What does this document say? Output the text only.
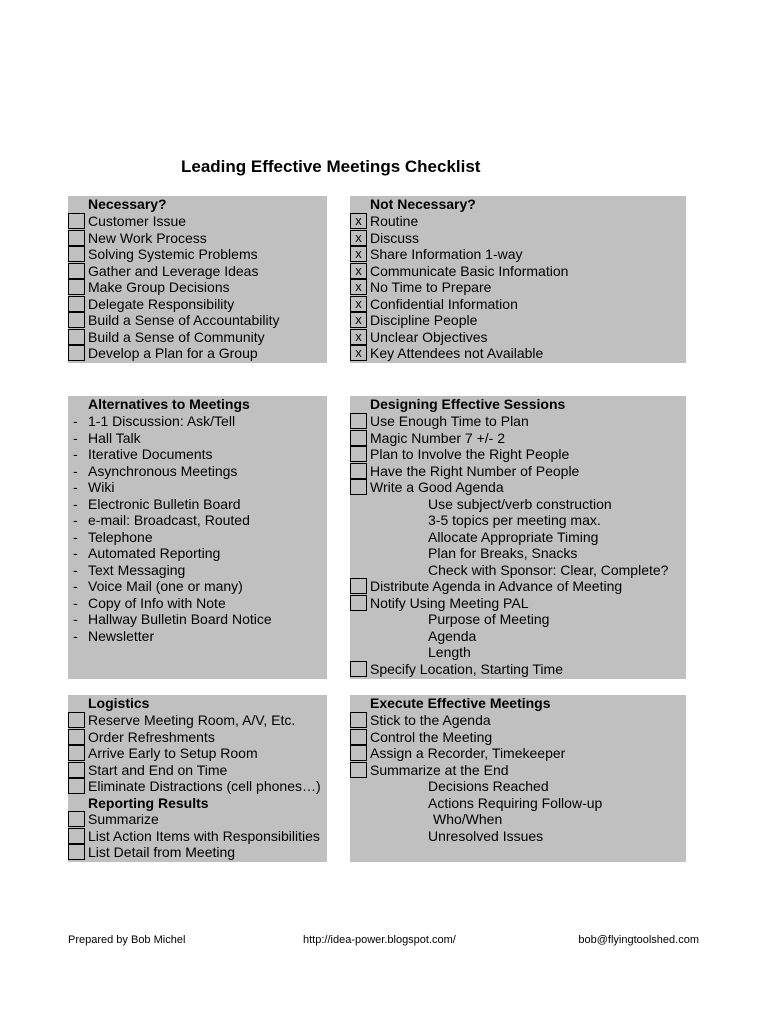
Leading Effective Meetings Checklist
Necessary?
Customer Issue
New Work Process
Solving Systemic Problems
Gather and Leverage Ideas
Make Group Decisions
Delegate Responsibility
Build a Sense of Accountability
Build a Sense of Community
Develop a Plan for a Group
Not Necessary?
x Routine
x Discuss
x Share Information 1-way
x Communicate Basic Information
x No Time to Prepare
x Confidential Information
x Discipline People
x Unclear Objectives
x Key Attendees not Available
Alternatives to Meetings
- 1-1 Discussion: Ask/Tell
- Hall Talk
- Iterative Documents
- Asynchronous Meetings
- Wiki
- Electronic Bulletin Board
- e-mail: Broadcast, Routed
- Telephone
- Automated Reporting
- Text Messaging
- Voice Mail (one or many)
- Copy of Info with Note
- Hallway Bulletin Board Notice
- Newsletter
Designing Effective Sessions
Use Enough Time to Plan
Magic Number 7 +/- 2
Plan to Involve the Right People
Have the Right Number of People
Write a Good Agenda
Use subject/verb construction
3-5 topics per meeting max.
Allocate Appropriate Timing
Plan for Breaks, Snacks
Check with Sponsor: Clear, Complete?
Distribute Agenda in Advance of Meeting
Notify Using Meeting PAL
Purpose of Meeting
Agenda
Length
Specify Location, Starting Time
Logistics
Reserve Meeting Room, A/V, Etc.
Order Refreshments
Arrive Early to Setup Room
Start and End on Time
Eliminate Distractions (cell phones…)
Reporting Results
Summarize
List Action Items with Responsibilities
List Detail from Meeting
Execute Effective Meetings
Stick to the Agenda
Control the Meeting
Assign a Recorder, Timekeeper
Summarize at the End
Decisions Reached
Actions Requiring Follow-up
Who/When
Unresolved Issues
Prepared by Bob Michel	http://idea-power.blogspot.com/	bob@flyingtoolshed.com
